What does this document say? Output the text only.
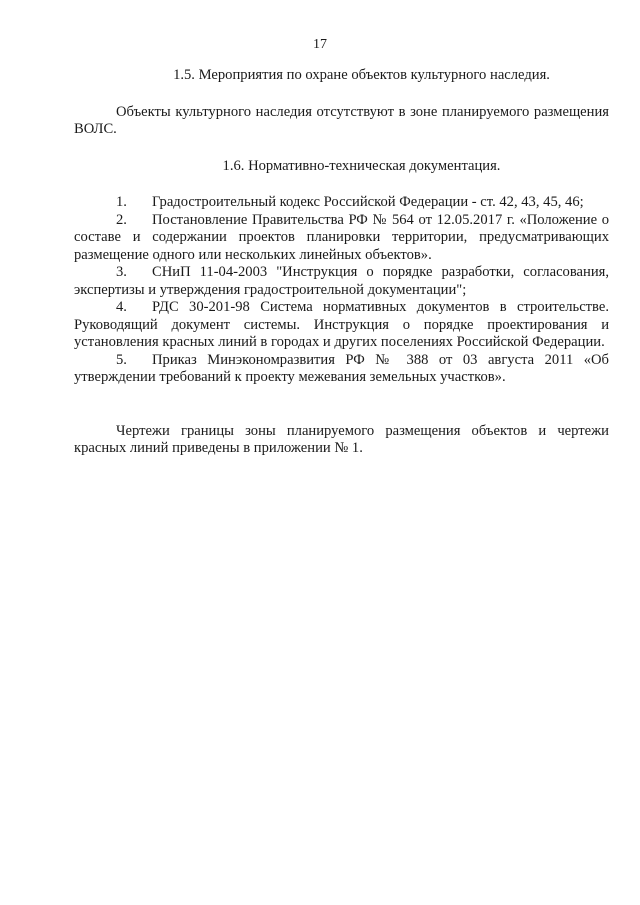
17

1.5. Мероприятия по охране объектов культурного наследия.

Объекты культурного наследия отсутствуют в зоне планируемого размещения ВОЛС.

1.6. Нормативно-техническая документация.

1. Градостроительный кодекс Российской Федерации - ст. 42, 43, 45, 46;

2. Постановление Правительства РФ № 564 от 12.05.2017 г. «Положение о составе и содержании проектов планировки территории, предусматривающих размещение одного или нескольких линейных объектов».

3. СНиП 11-04-2003 "Инструкция о порядке разработки, согласования, экспертизы и утверждения градостроительной документации";

4. РДС 30-201-98 Система нормативных документов в строительстве. Руководящий документ системы. Инструкция о порядке проектирования и установления красных линий в городах и других поселениях Российской Федерации.

5. Приказ Минэкономразвития РФ № 388 от 03 августа 2011 «Об утверждении требований к проекту межевания земельных участков».

Чертежи границы зоны планируемого размещения объектов и чертежи красных линий приведены в приложении № 1.
